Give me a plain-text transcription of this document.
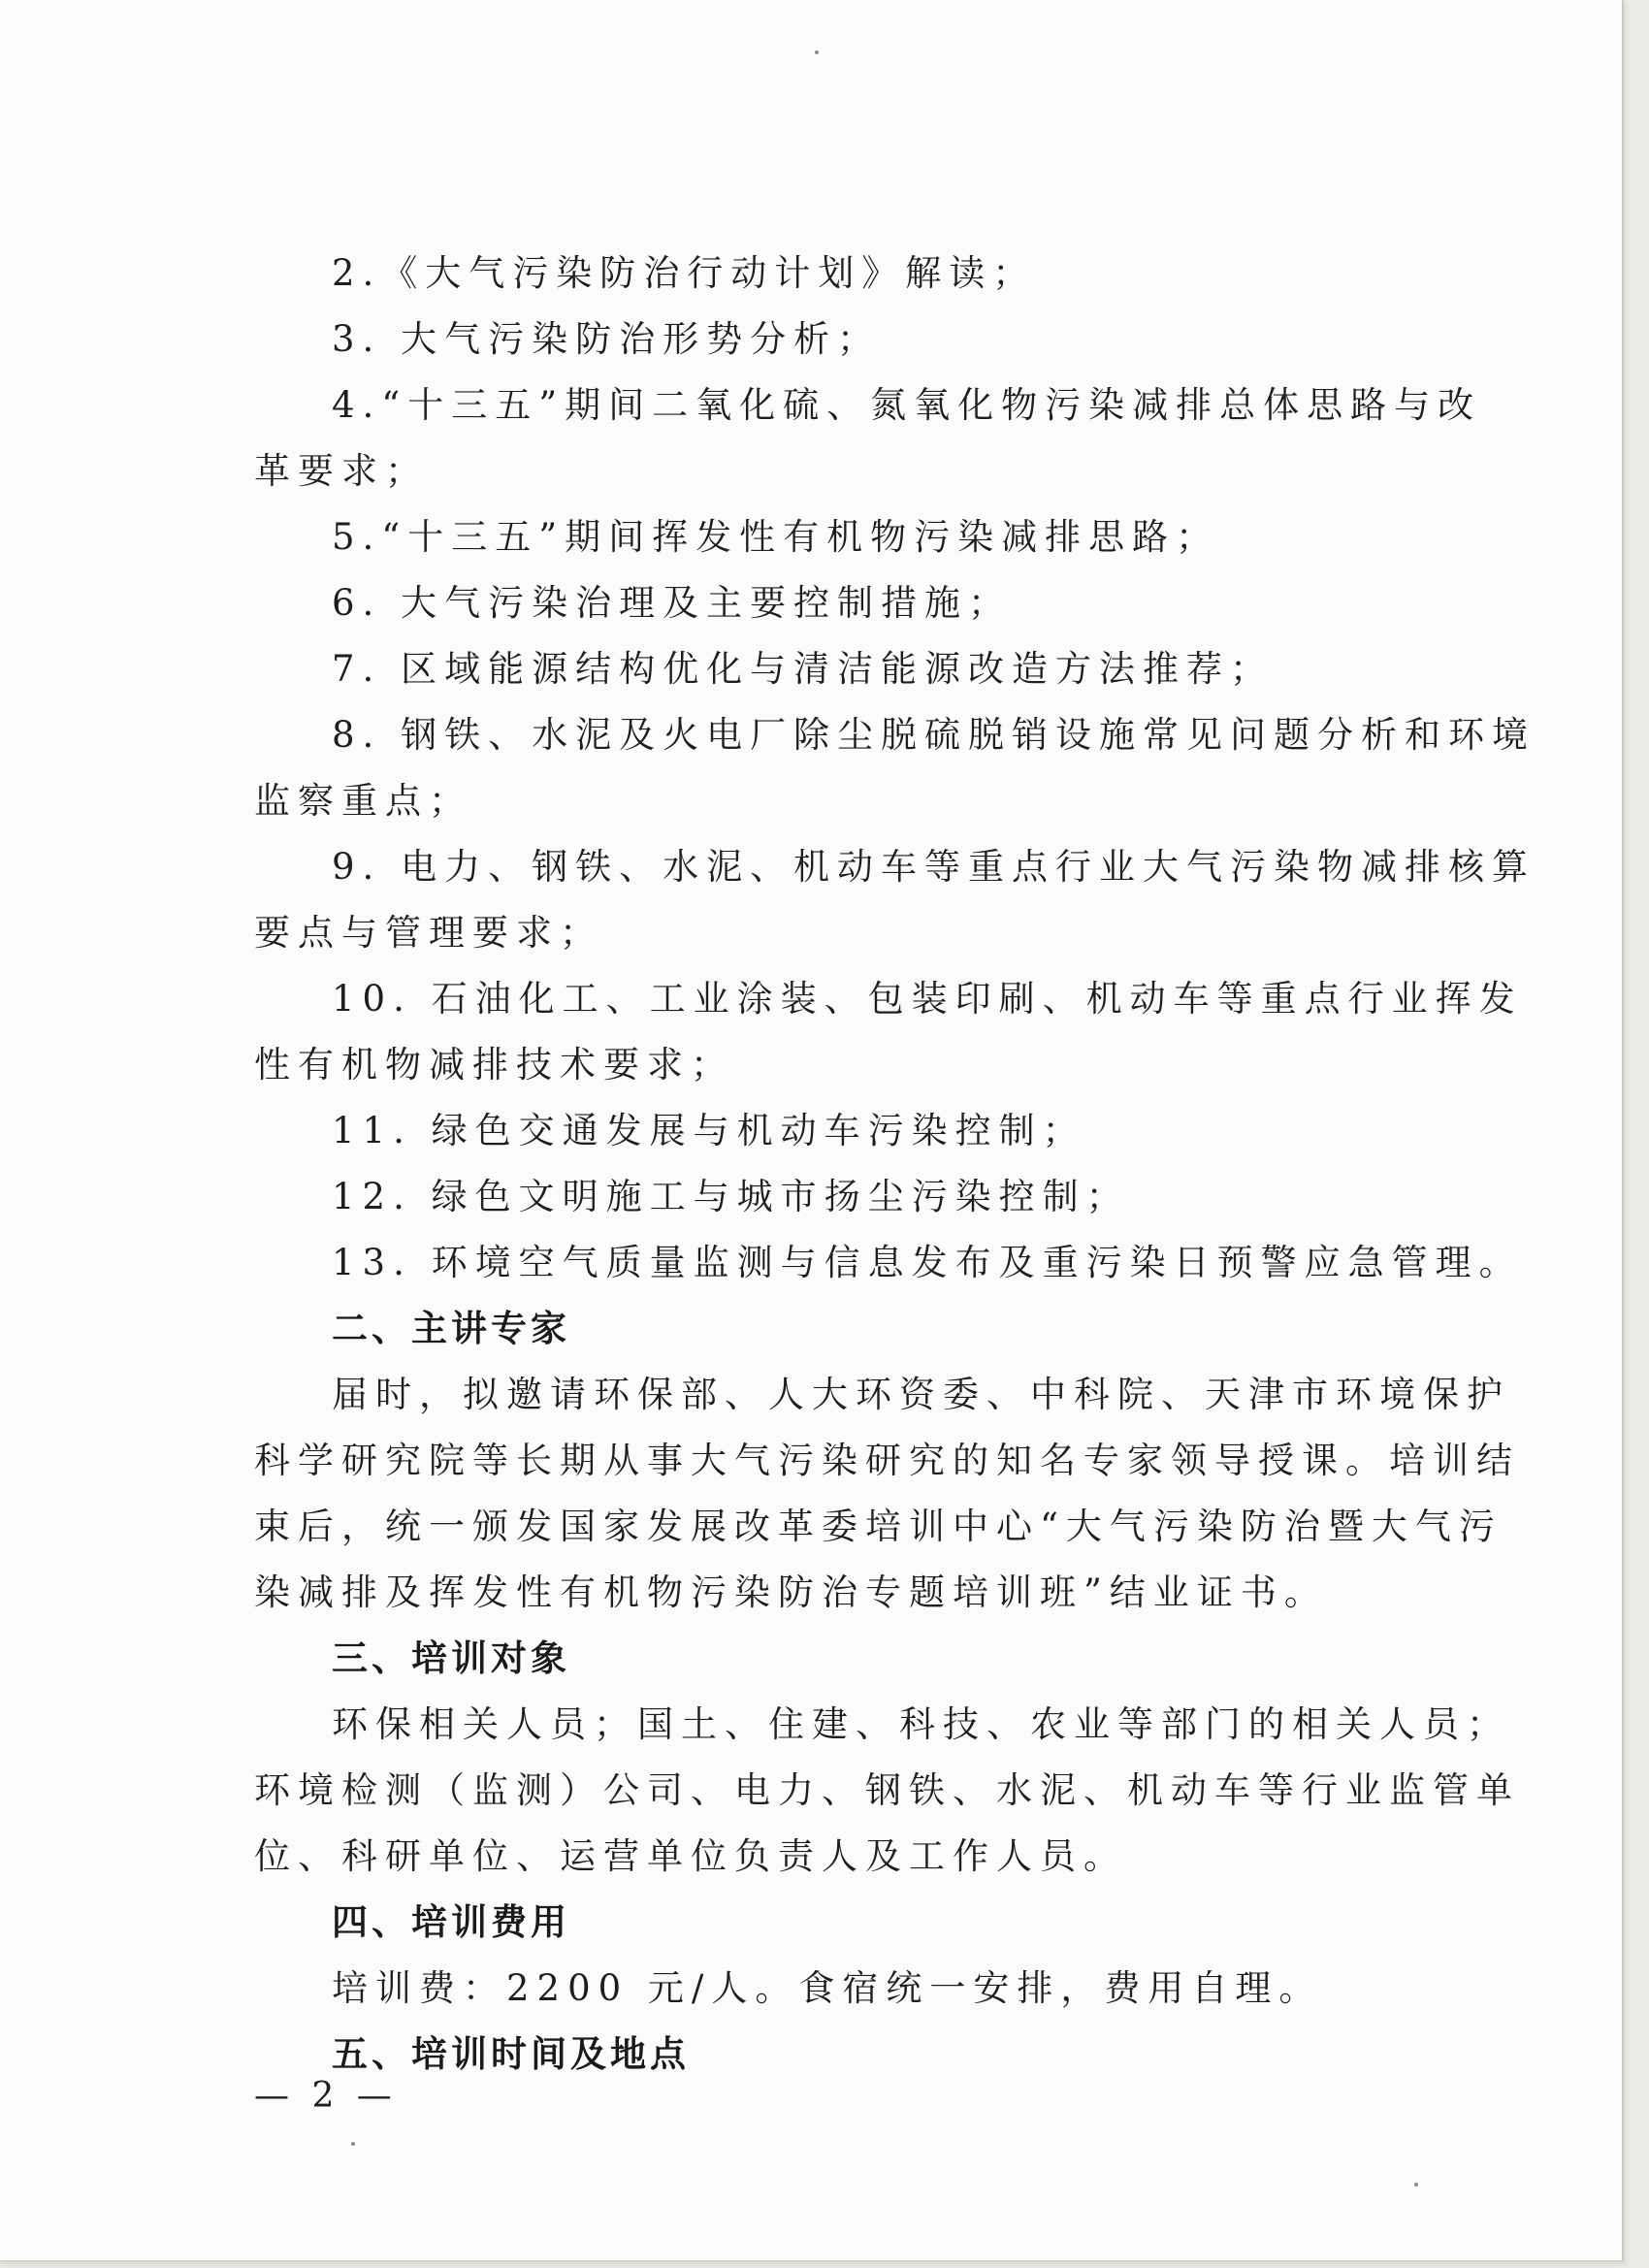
2.《大气污染防治行动计划》解读；
3. 大气污染防治形势分析；
4.“十三五”期间二氧化硫、氮氧化物污染减排总体思路与改
革要求；
5.“十三五”期间挥发性有机物污染减排思路；
6. 大气污染治理及主要控制措施；
7. 区域能源结构优化与清洁能源改造方法推荐；
8. 钢铁、水泥及火电厂除尘脱硫脱销设施常见问题分析和环境
监察重点；
9. 电力、钢铁、水泥、机动车等重点行业大气污染物减排核算
要点与管理要求；
10. 石油化工、工业涂装、包装印刷、机动车等重点行业挥发
性有机物减排技术要求；
11. 绿色交通发展与机动车污染控制；
12. 绿色文明施工与城市扬尘污染控制；
13. 环境空气质量监测与信息发布及重污染日预警应急管理。
二、主讲专家
届时，拟邀请环保部、人大环资委、中科院、天津市环境保护
科学研究院等长期从事大气污染研究的知名专家领导授课。培训结
束后，统一颁发国家发展改革委培训中心“大气污染防治暨大气污
染减排及挥发性有机物污染防治专题培训班”结业证书。
三、培训对象
环保相关人员；国土、住建、科技、农业等部门的相关人员；
环境检测（监测）公司、电力、钢铁、水泥、机动车等行业监管单
位、科研单位、运营单位负责人及工作人员。
四、培训费用
培训费：2200 元/人。食宿统一安排，费用自理。
五、培训时间及地点
— 2 —
